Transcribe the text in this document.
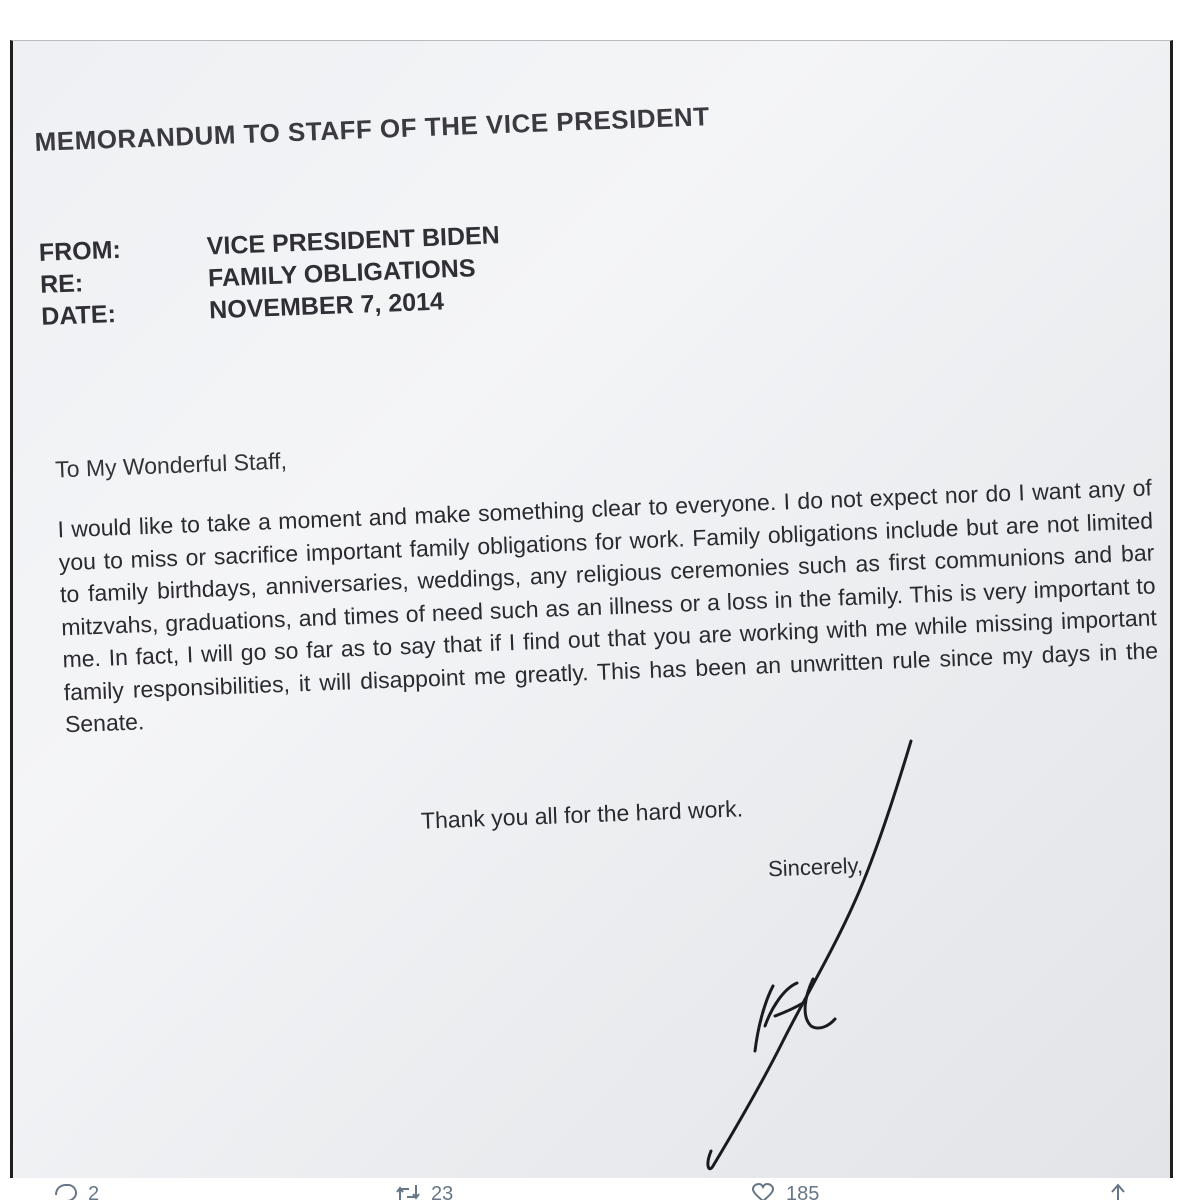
MEMORANDUM TO STAFF OF THE VICE PRESIDENT
FROM:	VICE PRESIDENT BIDEN
RE:	FAMILY OBLIGATIONS
DATE:	NOVEMBER 7, 2014
To My Wonderful Staff,
I would like to take a moment and make something clear to everyone. I do not expect nor do I want any of you to miss or sacrifice important family obligations for work. Family obligations include but are not limited to family birthdays, anniversaries, weddings, any religious ceremonies such as first communions and bar mitzvahs, graduations, and times of need such as an illness or a loss in the family. This is very important to me. In fact, I will go so far as to say that if I find out that you are working with me while missing important family responsibilities, it will disappoint me greatly. This has been an unwritten rule since my days in the Senate.
Thank you all for the hard work.
Sincerely,
2	23	185
